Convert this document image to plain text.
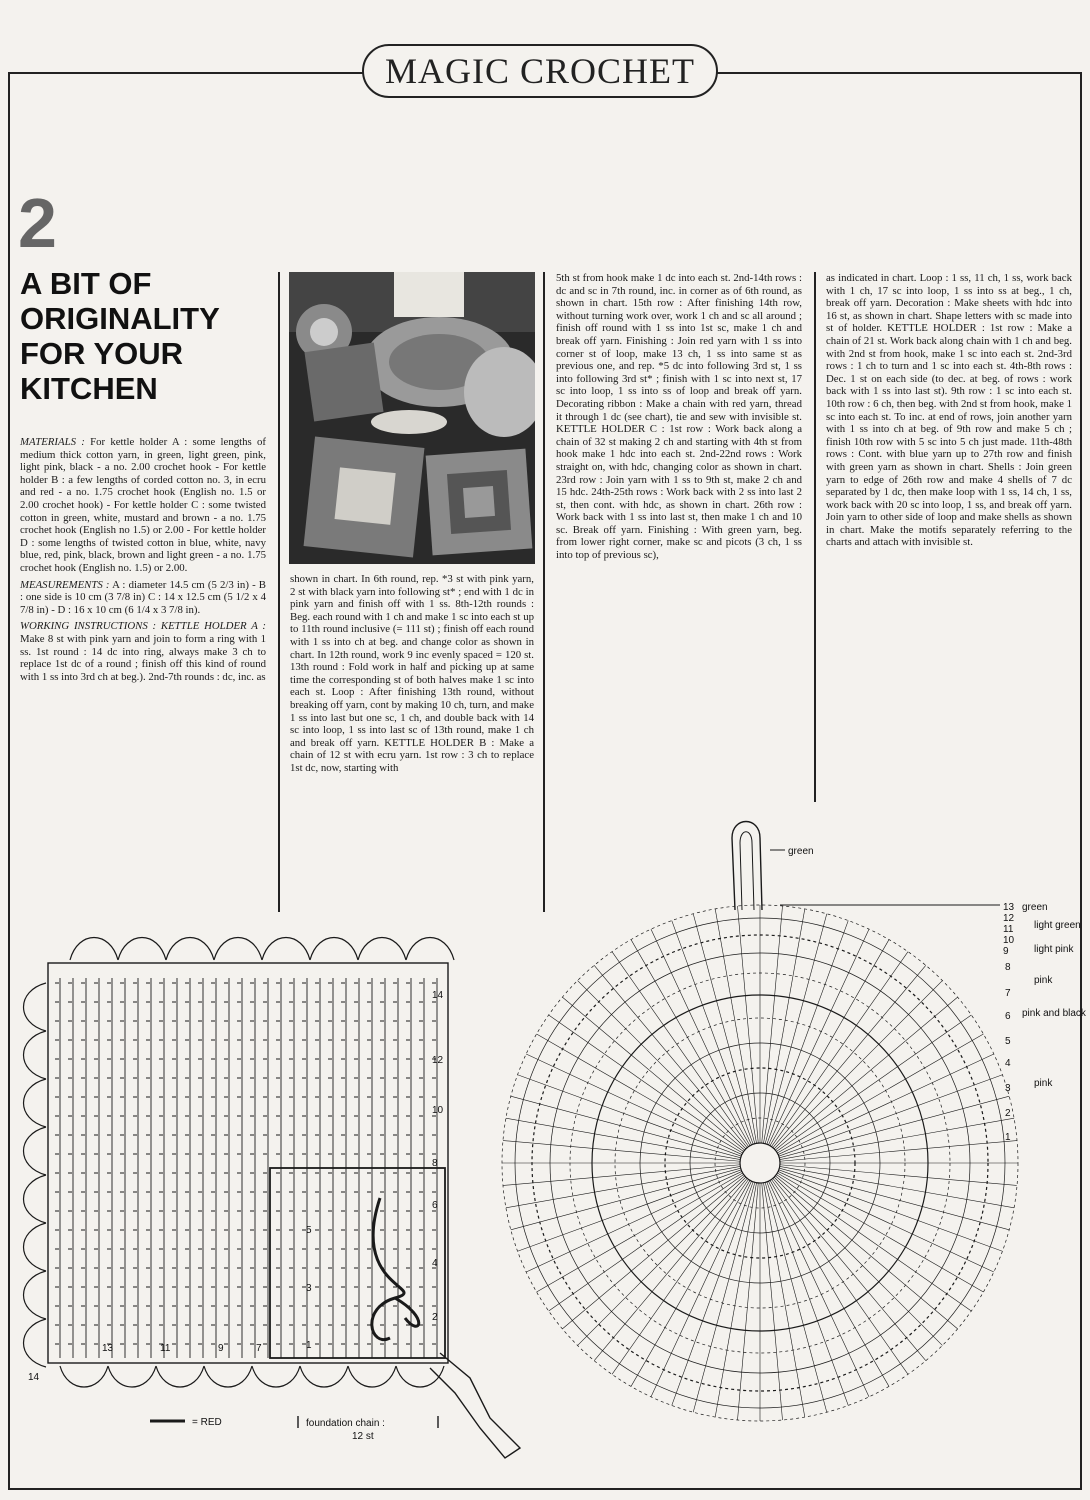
MAGIC CROCHET
2
A BIT OF ORIGINALITY FOR YOUR KITCHEN

MATERIALS : For kettle holder A : some lengths of medium thick cotton yarn, in green, light green, pink, light pink, black - a no. 2.00 crochet hook - For kettle holder B : a few lengths of corded cotton no. 3, in ecru and red - a no. 1.75 crochet hook (English no. 1.5 or 2.00 crochet hook) - For kettle holder C : some twisted cotton in green, white, mustard and brown - a no. 1.75 crochet hook (English no 1.5) or 2.00 - For kettle holder D : some lengths of twisted cotton in blue, white, navy blue, red, pink, black, brown and light green - a no. 1.75 crochet hook (English no. 1.5) or 2.00.

MEASUREMENTS : A : diameter 14.5 cm (5 2/3 in) - B : one side is 10 cm (3 7/8 in) C : 14 x 12.5 cm (5 1/2 x 4 7/8 in) - D : 16 x 10 cm (6 1/4 x 3 7/8 in).

WORKING INSTRUCTIONS : KETTLE HOLDER A : Make 8 st with pink yarn and join to form a ring with 1 ss. 1st round : 14 dc into ring, always make 3 ch to replace 1st dc of a round ; finish off this kind of round with 1 ss into 3rd ch at beg.). 2nd-7th rounds : dc, inc. as

shown in chart. In 6th round, rep. *3 st with pink yarn, 2 st with black yarn into following st* ; end with 1 dc in pink yarn and finish off with 1 ss. 8th-12th rounds : Beg. each round with 1 ch and make 1 sc into each st up to 11th round inclusive (= 111 st) ; finish off each round with 1 ss into ch at beg. and change color as shown in chart. In 12th round, work 9 inc evenly spaced = 120 st. 13th round : Fold work in half and picking up at same time the corresponding st of both halves make 1 sc into each st. Loop : After finishing 13th round, without breaking off yarn, cont by making 10 ch, turn, and make 1 ss into last but one sc, 1 ch, and double back with 14 sc into loop, 1 ss into last sc of 13th round, make 1 ch and break off yarn. KETTLE HOLDER B : Make a chain of 12 st with ecru yarn. 1st row : 3 ch to replace 1st dc, now, starting with

5th st from hook make 1 dc into each st. 2nd-14th rows : dc and sc in 7th round, inc. in corner as of 6th round, as shown in chart. 15th row : After finishing 14th row, without turning work over, work 1 ch and sc all around ; finish off round with 1 ss into 1st sc, make 1 ch and break off yarn. Finishing : Join red yarn with 1 ss into corner st of loop, make 13 ch, 1 ss into same st as previous one, and rep. *5 dc into following 3rd st, 1 ss into following 3rd st* ; finish with 1 sc into next st, 17 sc into loop, 1 ss into ss of loop and break off yarn. Decorating ribbon : Make a chain with red yarn, thread it through 1 dc (see chart), tie and sew with invisible st. KETTLE HOLDER C : 1st row : Work back along a chain of 32 st making 2 ch and starting with 4th st from hook make 1 hdc into each st. 2nd-22nd rows : Work straight on, with hdc, changing color as shown in chart. 23rd row : Join yarn with 1 ss to 9th st, make 2 ch and 15 hdc. 24th-25th rows : Work back with 2 ss into last 2 st, then cont. with hdc, as shown in chart. 26th row : Work back with 1 ss into last st, then make 1 ch and 10 sc. Break off yarn. Finishing : With green yarn, beg. from lower right corner, make sc and picots (3 ch, 1 ss into top of previous sc),

as indicated in chart. Loop : 1 ss, 11 ch, 1 ss, work back with 1 ch, 17 sc into loop, 1 ss into ss at beg., 1 ch, break off yarn. Decoration : Make sheets with hdc into 16 st, as shown in chart. Shape letters with sc made into st of holder. KETTLE HOLDER : 1st row : Make a chain of 21 st. Work back along chain with 1 ch and beg. with 2nd st from hook, make 1 sc into each st. 2nd-3rd rows : 1 ch to turn and 1 sc into each st. 4th-8th rows : Dec. 1 st on each side (to dec. at beg. of rows : work back with 1 ss into last st). 9th row : 1 sc into each st. 10th row : 6 ch, then beg. with 2nd st from hook, make 1 sc into each st. To inc. at end of rows, join another yarn with 1 ss into ch at beg. of 9th row and make 5 ch ; finish 10th row with 5 sc into 5 ch just made. 11th-48th rows : Cont. with blue yarn up to 27th row and finish with green yarn as shown in chart. Shells : Join green yarn to edge of 26th row and make 4 shells of 7 dc separated by 1 dc, then make loop with 1 ss, 14 ch, 1 ss, work back with 20 sc into loop, 1 ss, and break off yarn. Join yarn to other side of loop and make shells as shown in chart. Make the motifs separately referring to the charts and attach with invisible st.

14
12
10
8
6
5
4
3
2
1
13	11	9	7
14
= RED	foundation chain :
12 st
green
13
12
11
10
9
8
7
6
5
4
3
2
1
green
light green
light pink
pink
pink and black
pink
